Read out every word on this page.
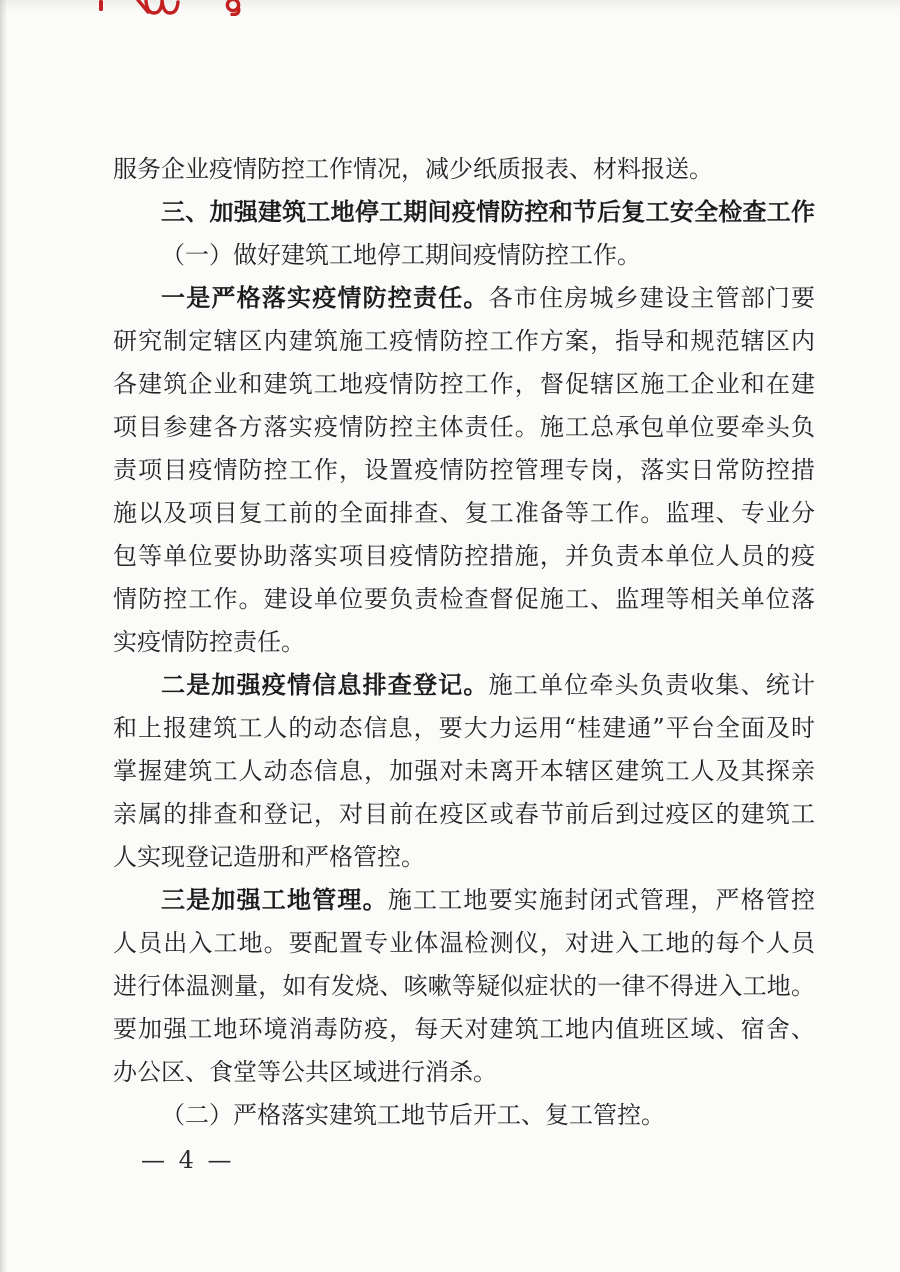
服务企业疫情防控工作情况，减少纸质报表、材料报送。
三、加强建筑工地停工期间疫情防控和节后复工安全检查工作
（一）做好建筑工地停工期间疫情防控工作。
一是严格落实疫情防控责任。各市住房城乡建设主管部门要
研究制定辖区内建筑施工疫情防控工作方案，指导和规范辖区内
各建筑企业和建筑工地疫情防控工作，督促辖区施工企业和在建
项目参建各方落实疫情防控主体责任。施工总承包单位要牵头负
责项目疫情防控工作，设置疫情防控管理专岗，落实日常防控措
施以及项目复工前的全面排查、复工准备等工作。监理、专业分
包等单位要协助落实项目疫情防控措施，并负责本单位人员的疫
情防控工作。建设单位要负责检查督促施工、监理等相关单位落
实疫情防控责任。
二是加强疫情信息排查登记。施工单位牵头负责收集、统计
和上报建筑工人的动态信息，要大力运用“桂建通”平台全面及时
掌握建筑工人动态信息，加强对未离开本辖区建筑工人及其探亲
亲属的排查和登记，对目前在疫区或春节前后到过疫区的建筑工
人实现登记造册和严格管控。
三是加强工地管理。施工工地要实施封闭式管理，严格管控
人员出入工地。要配置专业体温检测仪，对进入工地的每个人员
进行体温测量，如有发烧、咳嗽等疑似症状的一律不得进入工地。
要加强工地环境消毒防疫，每天对建筑工地内值班区域、宿舍、
办公区、食堂等公共区域进行消杀。
（二）严格落实建筑工地节后开工、复工管控。
— 4 —
